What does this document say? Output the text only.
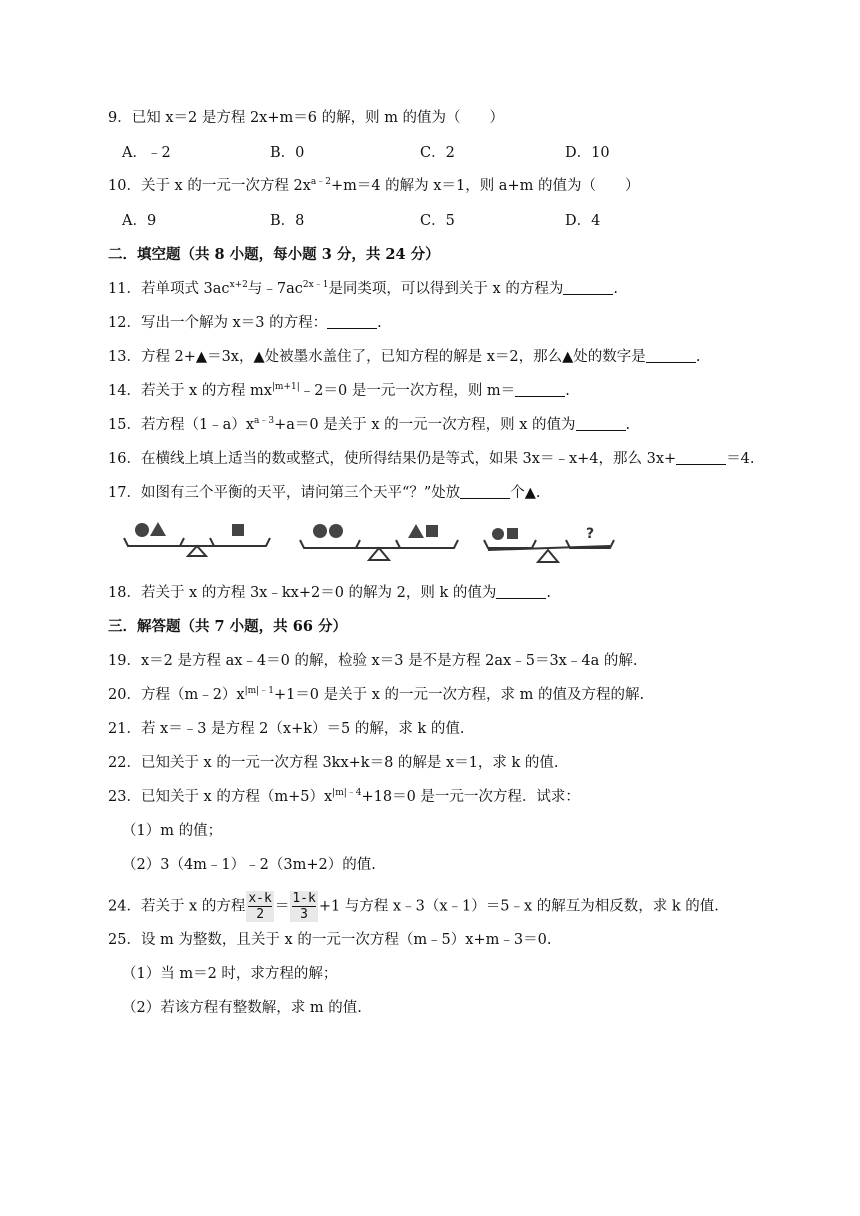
9．已知 x＝2 是方程 2x+m＝6 的解，则 m 的值为（　　）
A．﹣2	B．0	C．2	D．10
10．关于 x 的一元一次方程 $2x^{a﹣2}+m=4$ 的解为 x＝1，则 a+m 的值为（　　）
A．9	B．8	C．5	D．4
二．填空题（共 8 小题，每小题 3 分，共 24 分）
11．若单项式 $3ac^{x+2}$与$﹣7ac^{2x﹣1}$是同类项，可以得到关于 x 的方程为	.
12．写出一个解为 x＝3 的方程：	.
13．方程 2+▲＝3x，▲处被墨水盖住了，已知方程的解是 x＝2，那么▲处的数字是	.
14．若关于 x 的方程 $mx^{|m+1|}﹣2=0$ 是一元一次方程，则 m＝	.
15．若方程$(1﹣a)x^{a﹣3}+a=0$ 是关于 x 的一元一次方程，则 x 的值为	.
16．在横线上填上适当的数或整式，使所得结果仍是等式，如果 3x＝﹣x+4，那么 3x+	＝4.
17．如图有三个平衡的天平，请问第三个天平“？”处放	个▲.
?
18．若关于 x 的方程 3x﹣kx+2＝0 的解为 2，则 k 的值为	.
三．解答题（共 7 小题，共 66 分）
19．x＝2 是方程 ax﹣4＝0 的解，检验 x＝3 是不是方程 2ax﹣5＝3x﹣4a 的解.
20．方程$(m﹣2)x^{|m|﹣1}+1=0$ 是关于 x 的一元一次方程，求 m 的值及方程的解.
21．若 x＝﹣3 是方程 2（x+k）＝5 的解，求 k 的值.
22．已知关于 x 的一元一次方程 3kx+k＝8 的解是 x＝1，求 k 的值.
23．已知关于 x 的方程$(m+5)x^{|m|﹣4}+18=0$ 是一元一次方程．试求：
（1）m 的值；
（2）3（4m﹣1）﹣2（3m+2）的值.
24．若关于 x 的方程 $\frac{x-k}{2} = \frac{1-k}{3} +1$ 与方程 x﹣3（x﹣1）＝5﹣x 的解互为相反数，求 k 的值.
25．设 m 为整数，且关于 x 的一元一次方程（m﹣5）x+m﹣3＝0.
（1）当 m＝2 时，求方程的解；
（2）若该方程有整数解，求 m 的值.
